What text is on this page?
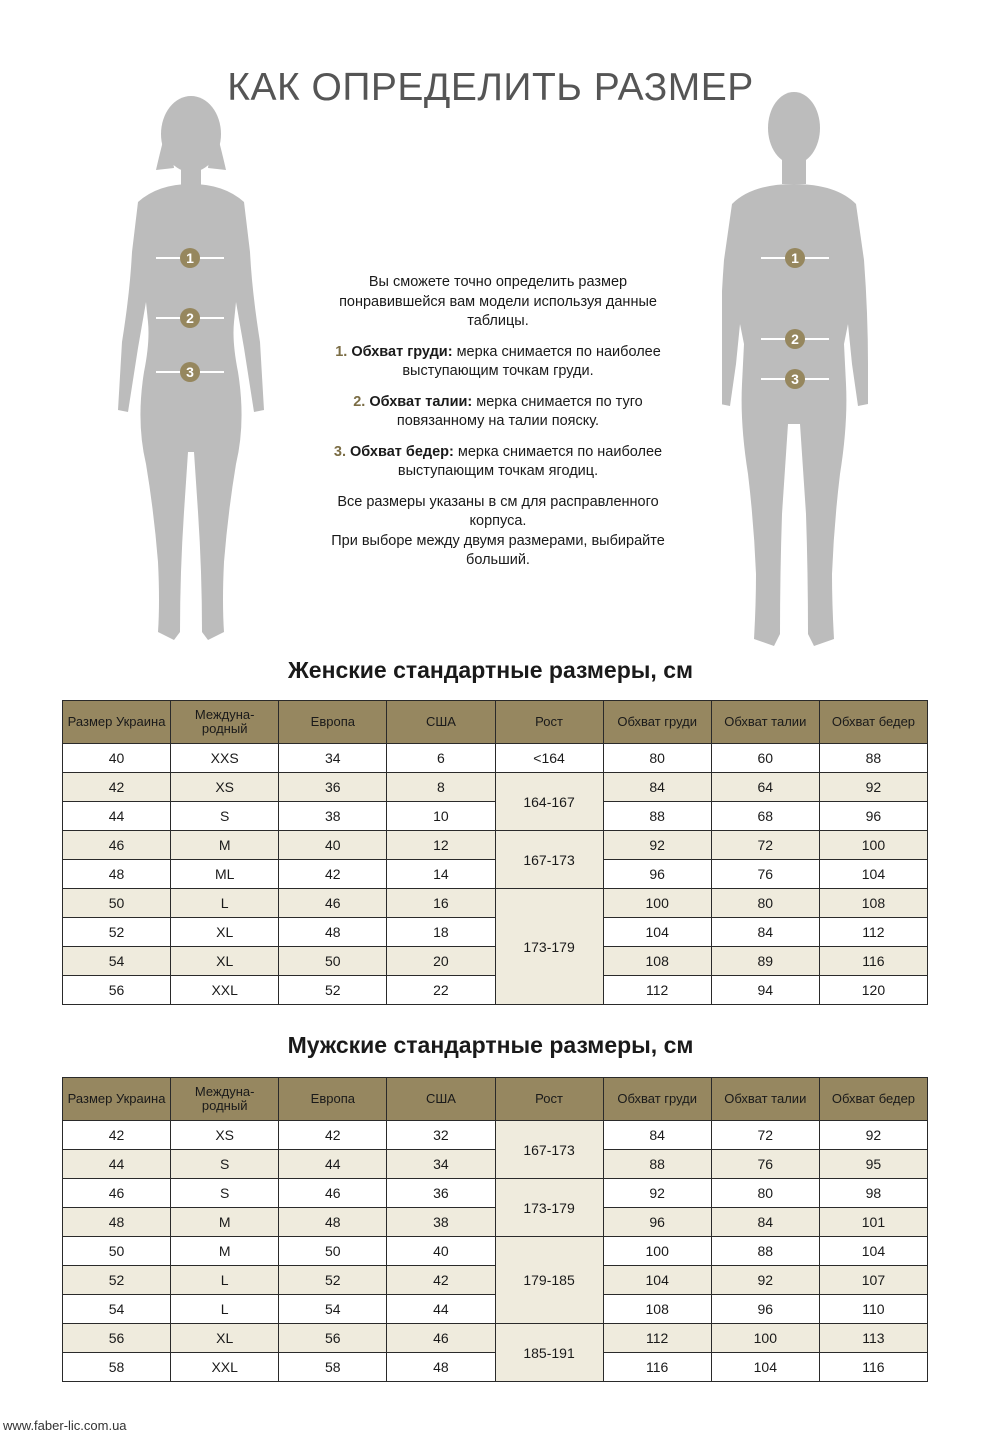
КАК ОПРЕДЕЛИТЬ РАЗМЕР
1
2
3
1
2
3

Вы сможете точно определить размер понравившейся вам модели используя данные таблицы.

1. Обхват груди: мерка снимается по наиболее выступающим точкам груди.

2. Обхват талии: мерка снимается по туго повязанному на талии пояску.

3. Обхват бедер: мерка снимается по наиболее выступающим точкам ягодиц.

Все размеры указаны в см для расправленного корпуса.

При выборе между двумя размерами, выбирайте больший.

Женские стандартные размеры, см
Размер Украина	Междуна-родный	Европа	США	Рост	Обхват груди	Обхват талии	Обхват бедер
40	XXS	34	6	<164	80	60	88
42	XS	36	8	164-167	84	64	92
44	S	38	10		88	68	96
46	M	40	12	167-173	92	72	100
48	ML	42	14		96	76	104
50	L	46	16	173-179	100	80	108
52	XL	48	18		104	84	112
54	XL	50	20		108	89	116
56	XXL	52	22		112	94	120
Мужские стандартные размеры, см
Размер Украина	Междуна-родный	Европа	США	Рост	Обхват груди	Обхват талии	Обхват бедер
42	XS	42	32	167-173	84	72	92
44	S	44	34		88	76	95
46	S	46	36	173-179	92	80	98
48	M	48	38		96	84	101
50	M	50	40	179-185	100	88	104
52	L	52	42		104	92	107
54	L	54	44		108	96	110
56	XL	56	46	185-191	112	100	113
58	XXL	58	48		116	104	116
www.faber-lic.com.ua
